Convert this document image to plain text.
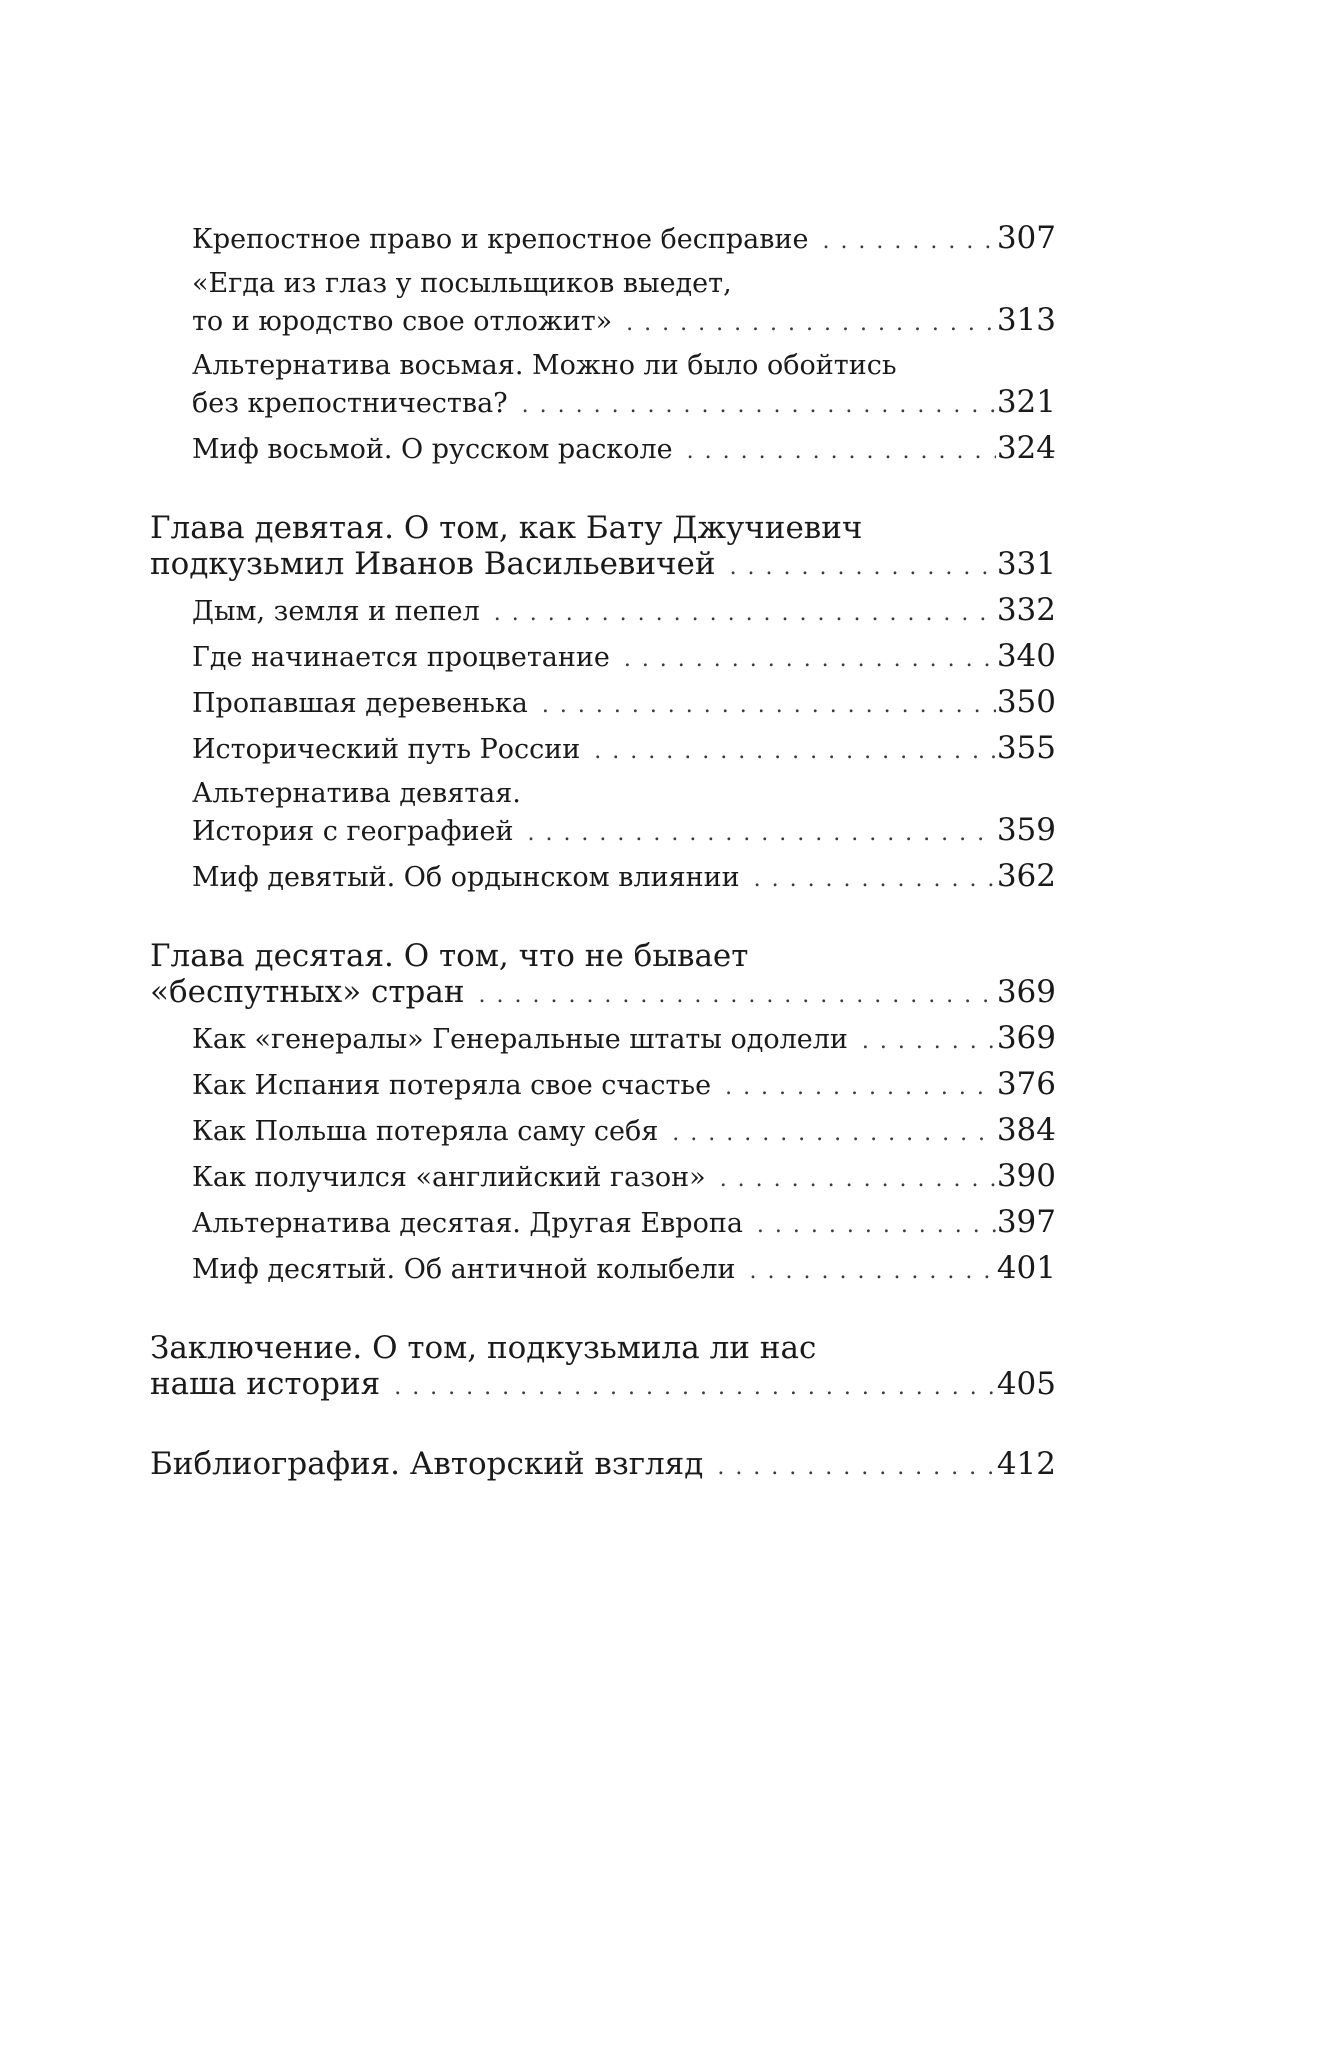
Крепостное право и крепостное бесправие . . .	307
«Егда из глаз у посыльщиков выедет,
то и юродство свое отложит» . . .	313
Альтернатива восьмая. Можно ли было обойтись
без крепостничества? . . .	321
Миф восьмой. О русском расколе . . .	324
Глава девятая. О том, как Бату Джучиевич
подкузьмил Иванов Васильевичей . . .	331
Дым, земля и пепел . . .	332
Где начинается процветание . . .	340
Пропавшая деревенька . . .	350
Исторический путь России . . .	355
Альтернатива девятая.
История с географией . . .	359
Миф девятый. Об ордынском влиянии . . .	362
Глава десятая. О том, что не бывает
«беспутных» стран . . .	369
Как «генералы» Генеральные штаты одолели . . .	369
Как Испания потеряла свое счастье . . .	376
Как Польша потеряла саму себя . . .	384
Как получился «английский газон» . . .	390
Альтернатива десятая. Другая Европа . . .	397
Миф десятый. Об античной колыбели . . .	401
Заключение. О том, подкузьмила ли нас
наша история . . .	405
Библиография. Авторский взгляд . . .	412
